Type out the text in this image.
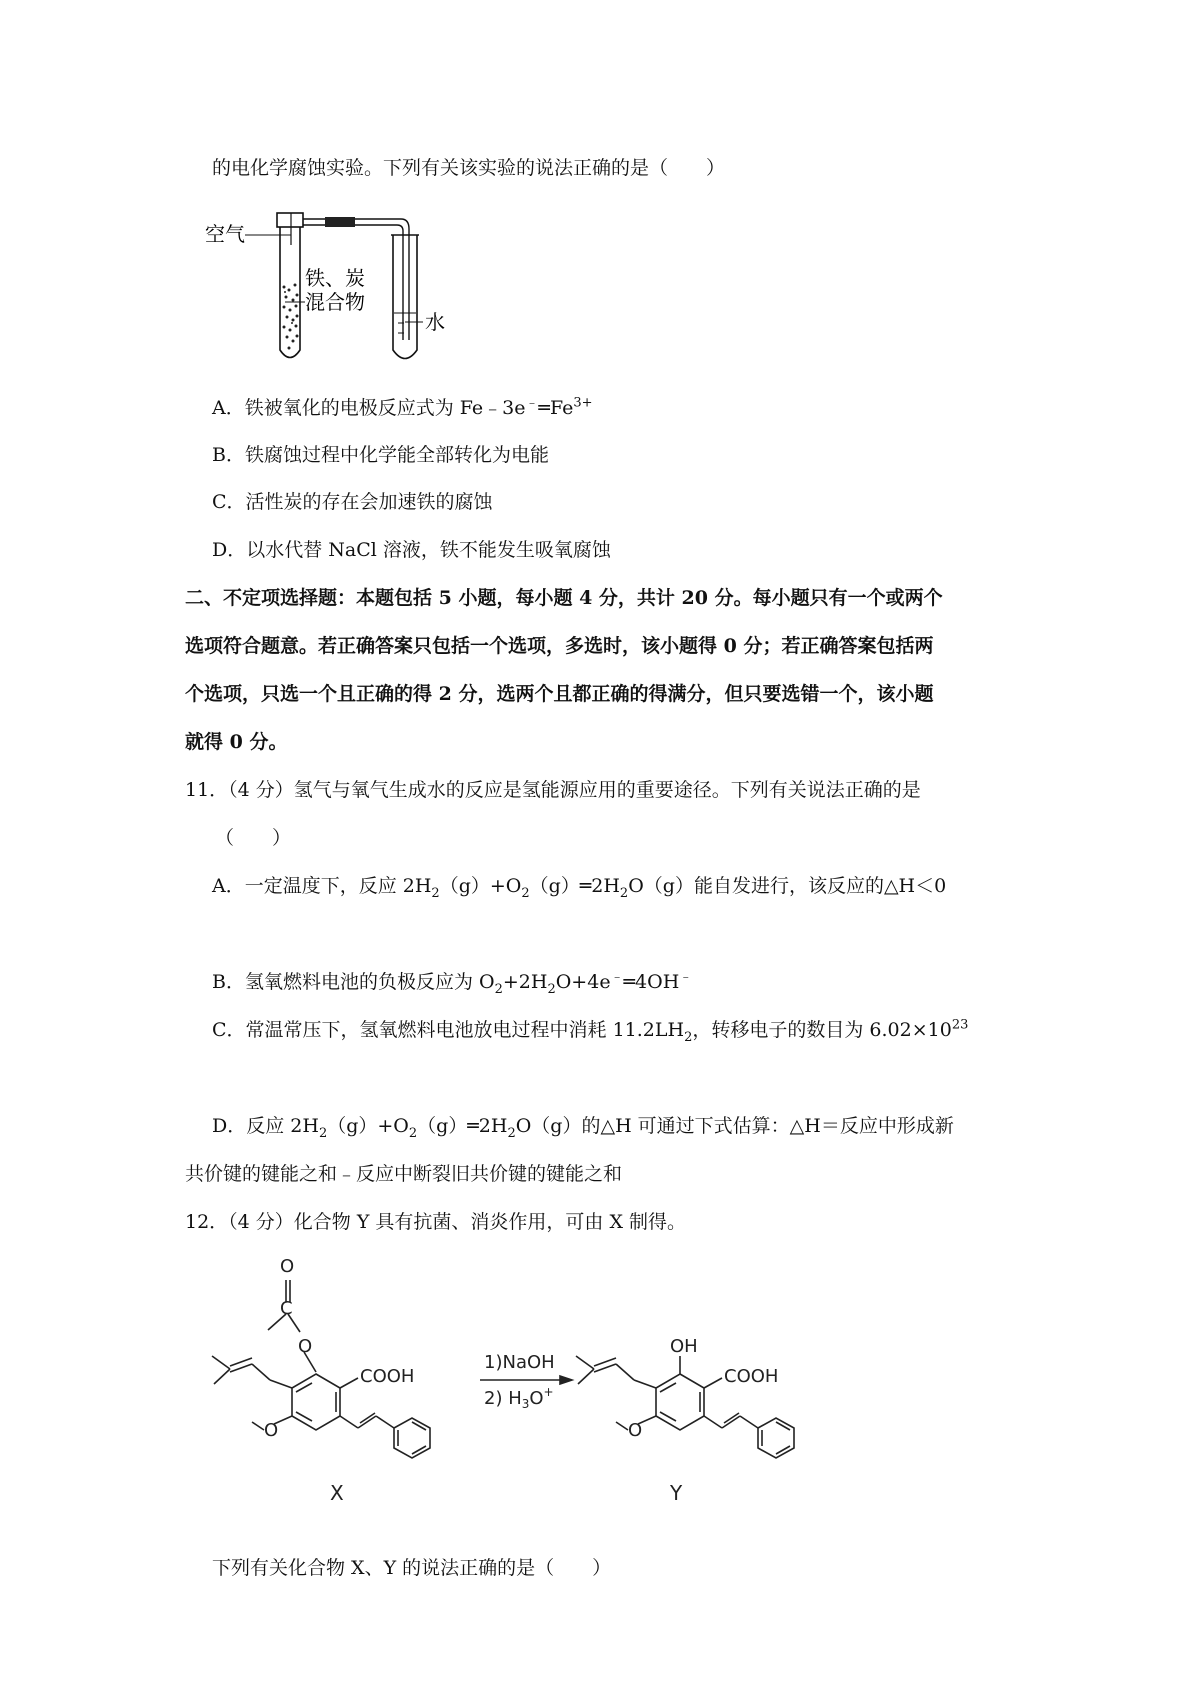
的电化学腐蚀实验。下列有关该实验的说法正确的是（　　）
空气
铁、炭
混合物
水
A．铁被氧化的电极反应式为 $Fe﹣3e^﹣═Fe^{3+}$
B．铁腐蚀过程中化学能全部转化为电能
C．活性炭的存在会加速铁的腐蚀
D．以水代替 NaCl 溶液，铁不能发生吸氧腐蚀
二、不定项选择题：本题包括 5 小题，每小题 4 分，共计 20 分。每小题只有一个或两个
选项符合题意。若正确答案只包括一个选项，多选时，该小题得 0 分；若正确答案包括两
个选项，只选一个且正确的得 2 分，选两个且都正确的得满分，但只要选错一个，该小题
就得 0 分。
11．（4 分）氢气与氧气生成水的反应是氢能源应用的重要途径。下列有关说法正确的是
（　　）
A．一定温度下，反应 $2H_2(g)+O_2(g)═2H_2O(g)$能自发进行，该反应的△H＜0
B．氢氧燃料电池的负极反应为 $O_2+2H_2O+4e^﹣═4OH^﹣$
C．常温常压下，氢氧燃料电池放电过程中消耗 $11.2LH_2$，转移电子的数目为 $6.02\times 10^{23}$
D．反应 $2H_2(g)+O_2(g)═2H_2O(g)$的△H 可通过下式估算：△H＝反应中形成新
共价键的键能之和﹣反应中断裂旧共价键的键能之和
12．（4 分）化合物 Y 具有抗菌、消炎作用，可由 X 制得。
O
C
O
COOH
O
1)NaOH
2) $H_3O^+$
OH
COOH
O
X	Y
下列有关化合物 X、Y 的说法正确的是（　　）
